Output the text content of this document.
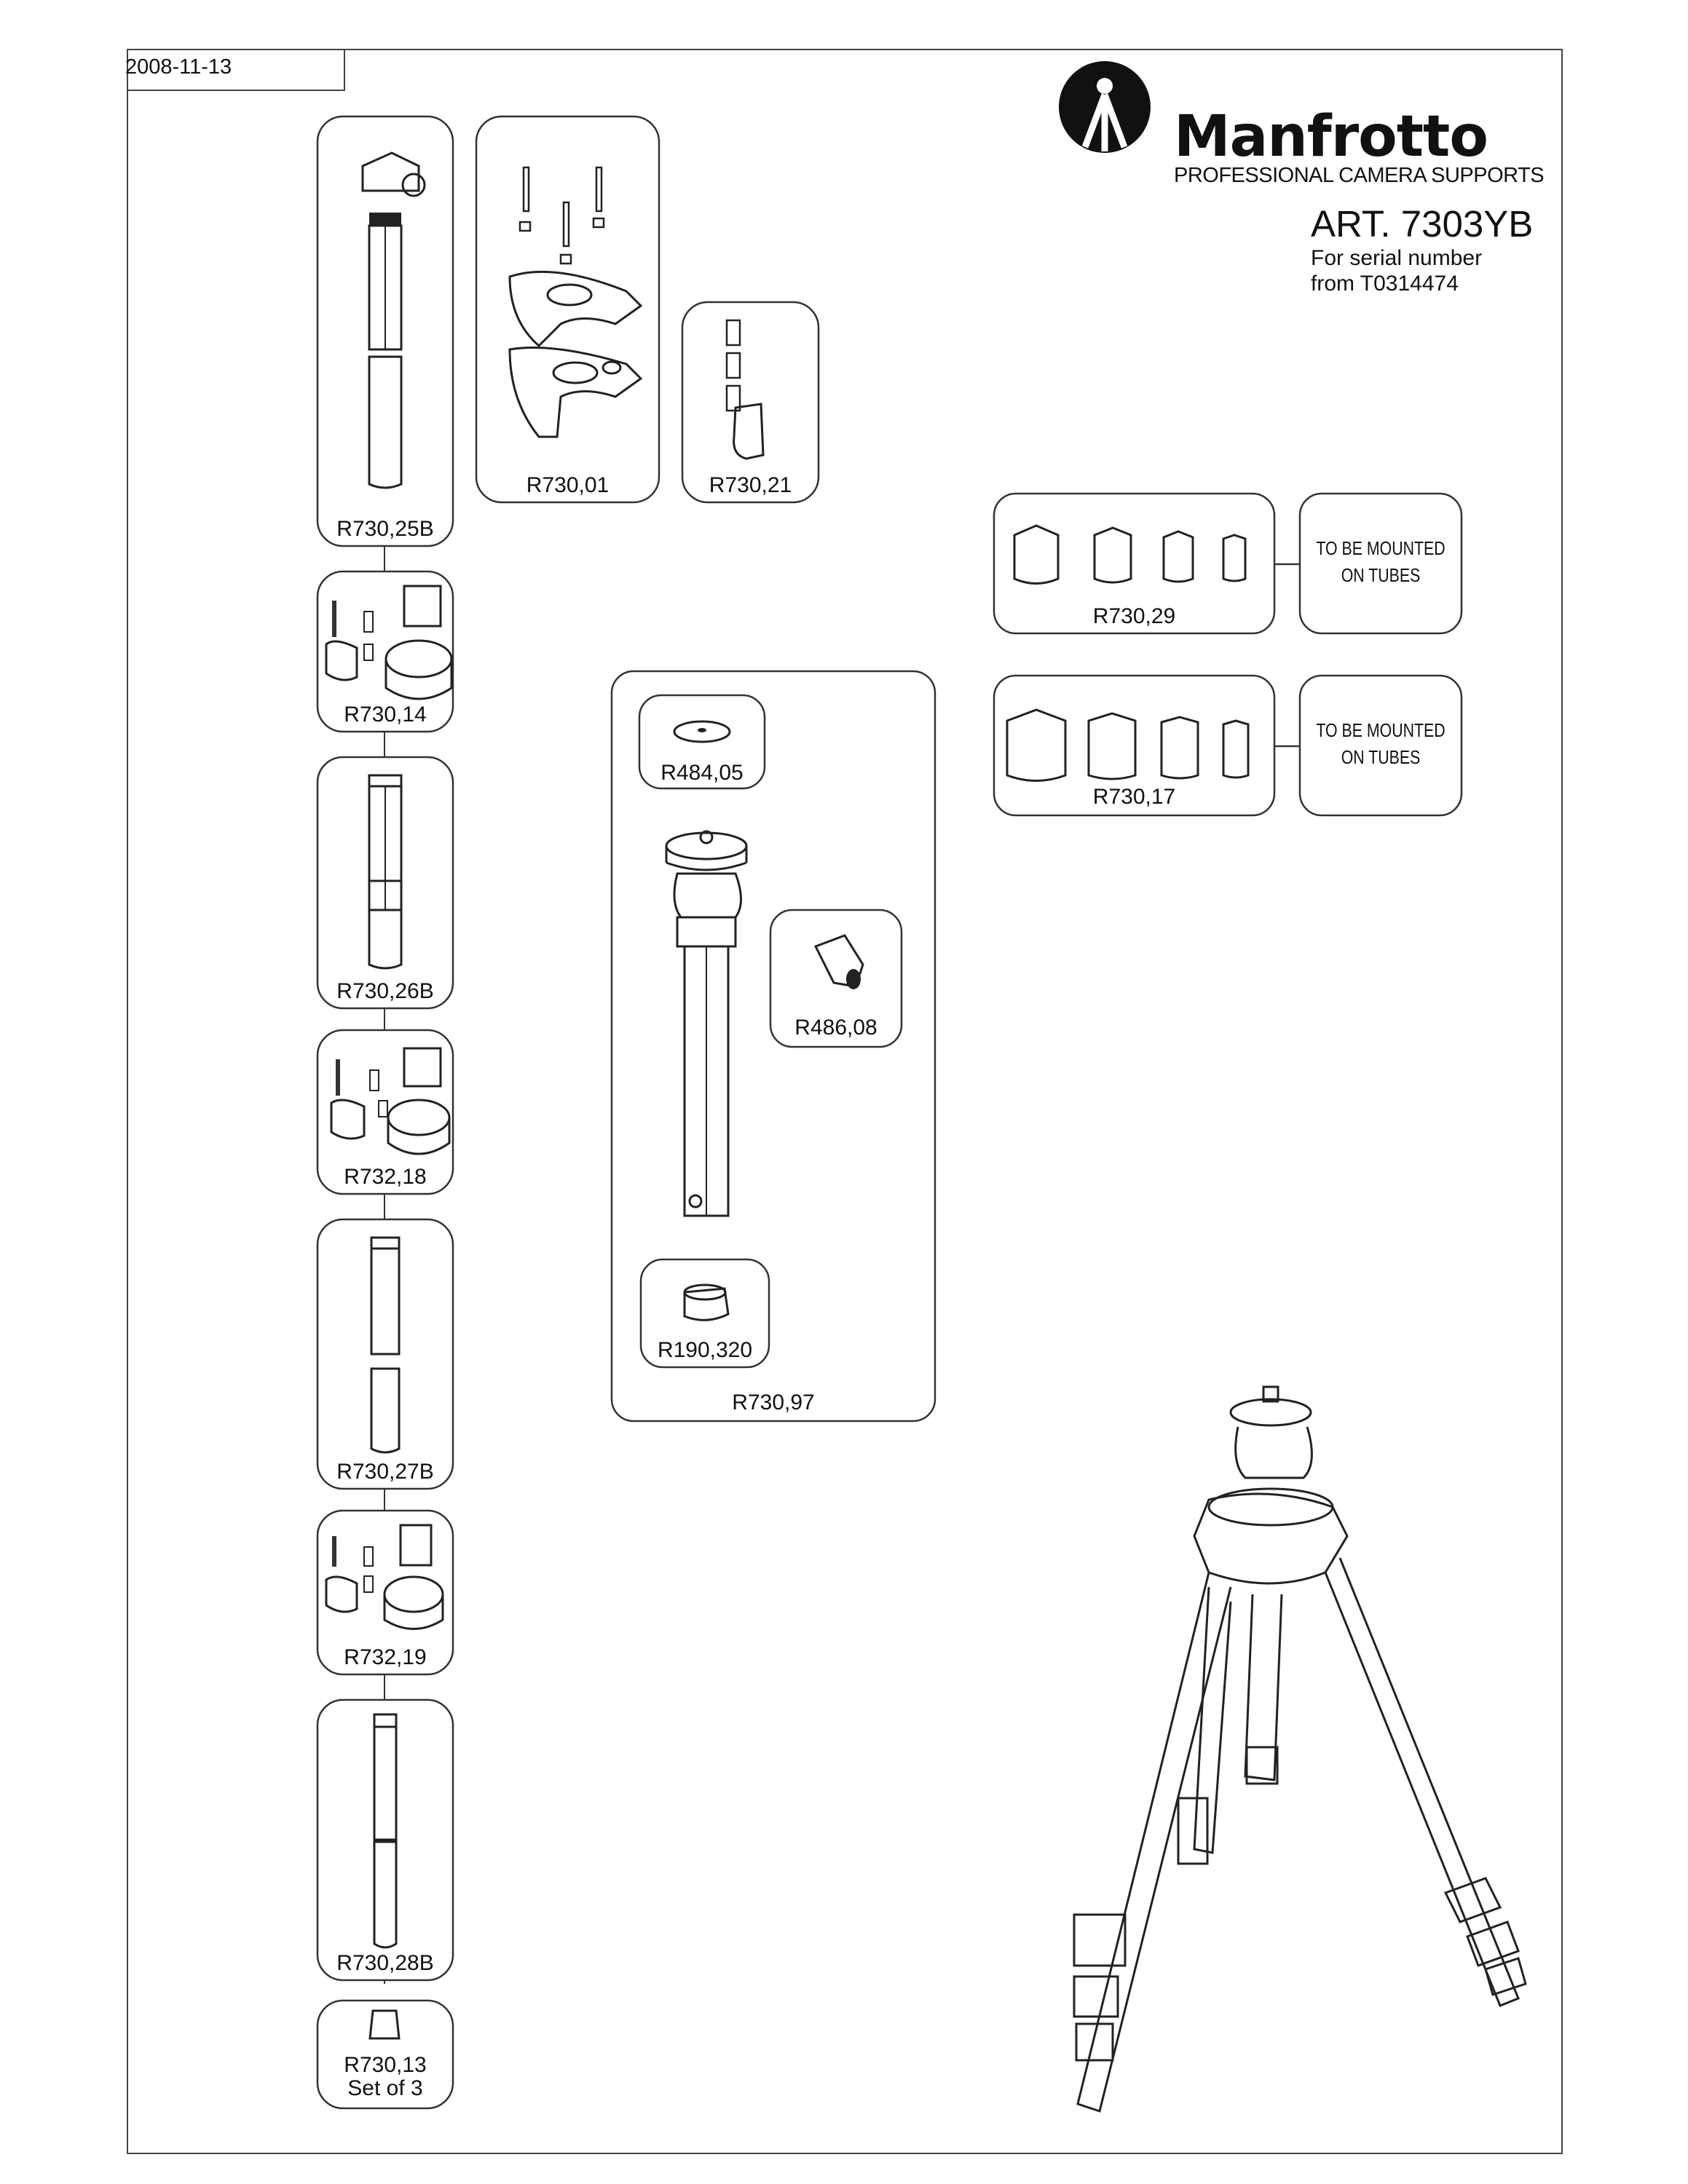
2008-11-13
Manfrotto
PROFESSIONAL CAMERA SUPPORTS
ART. 7303YB
For serial number
from T0314474
R730,25B
R730,14
R730,26B
R732,18
R730,27B
R732,19
R730,28B
R730,13
Set of 3
R730,01	R730,21
R484,05
R486,08
R190,320
R730,97
R730,29
TO BE MOUNTED
ON TUBES
R730,17
TO BE MOUNTED
ON TUBES
